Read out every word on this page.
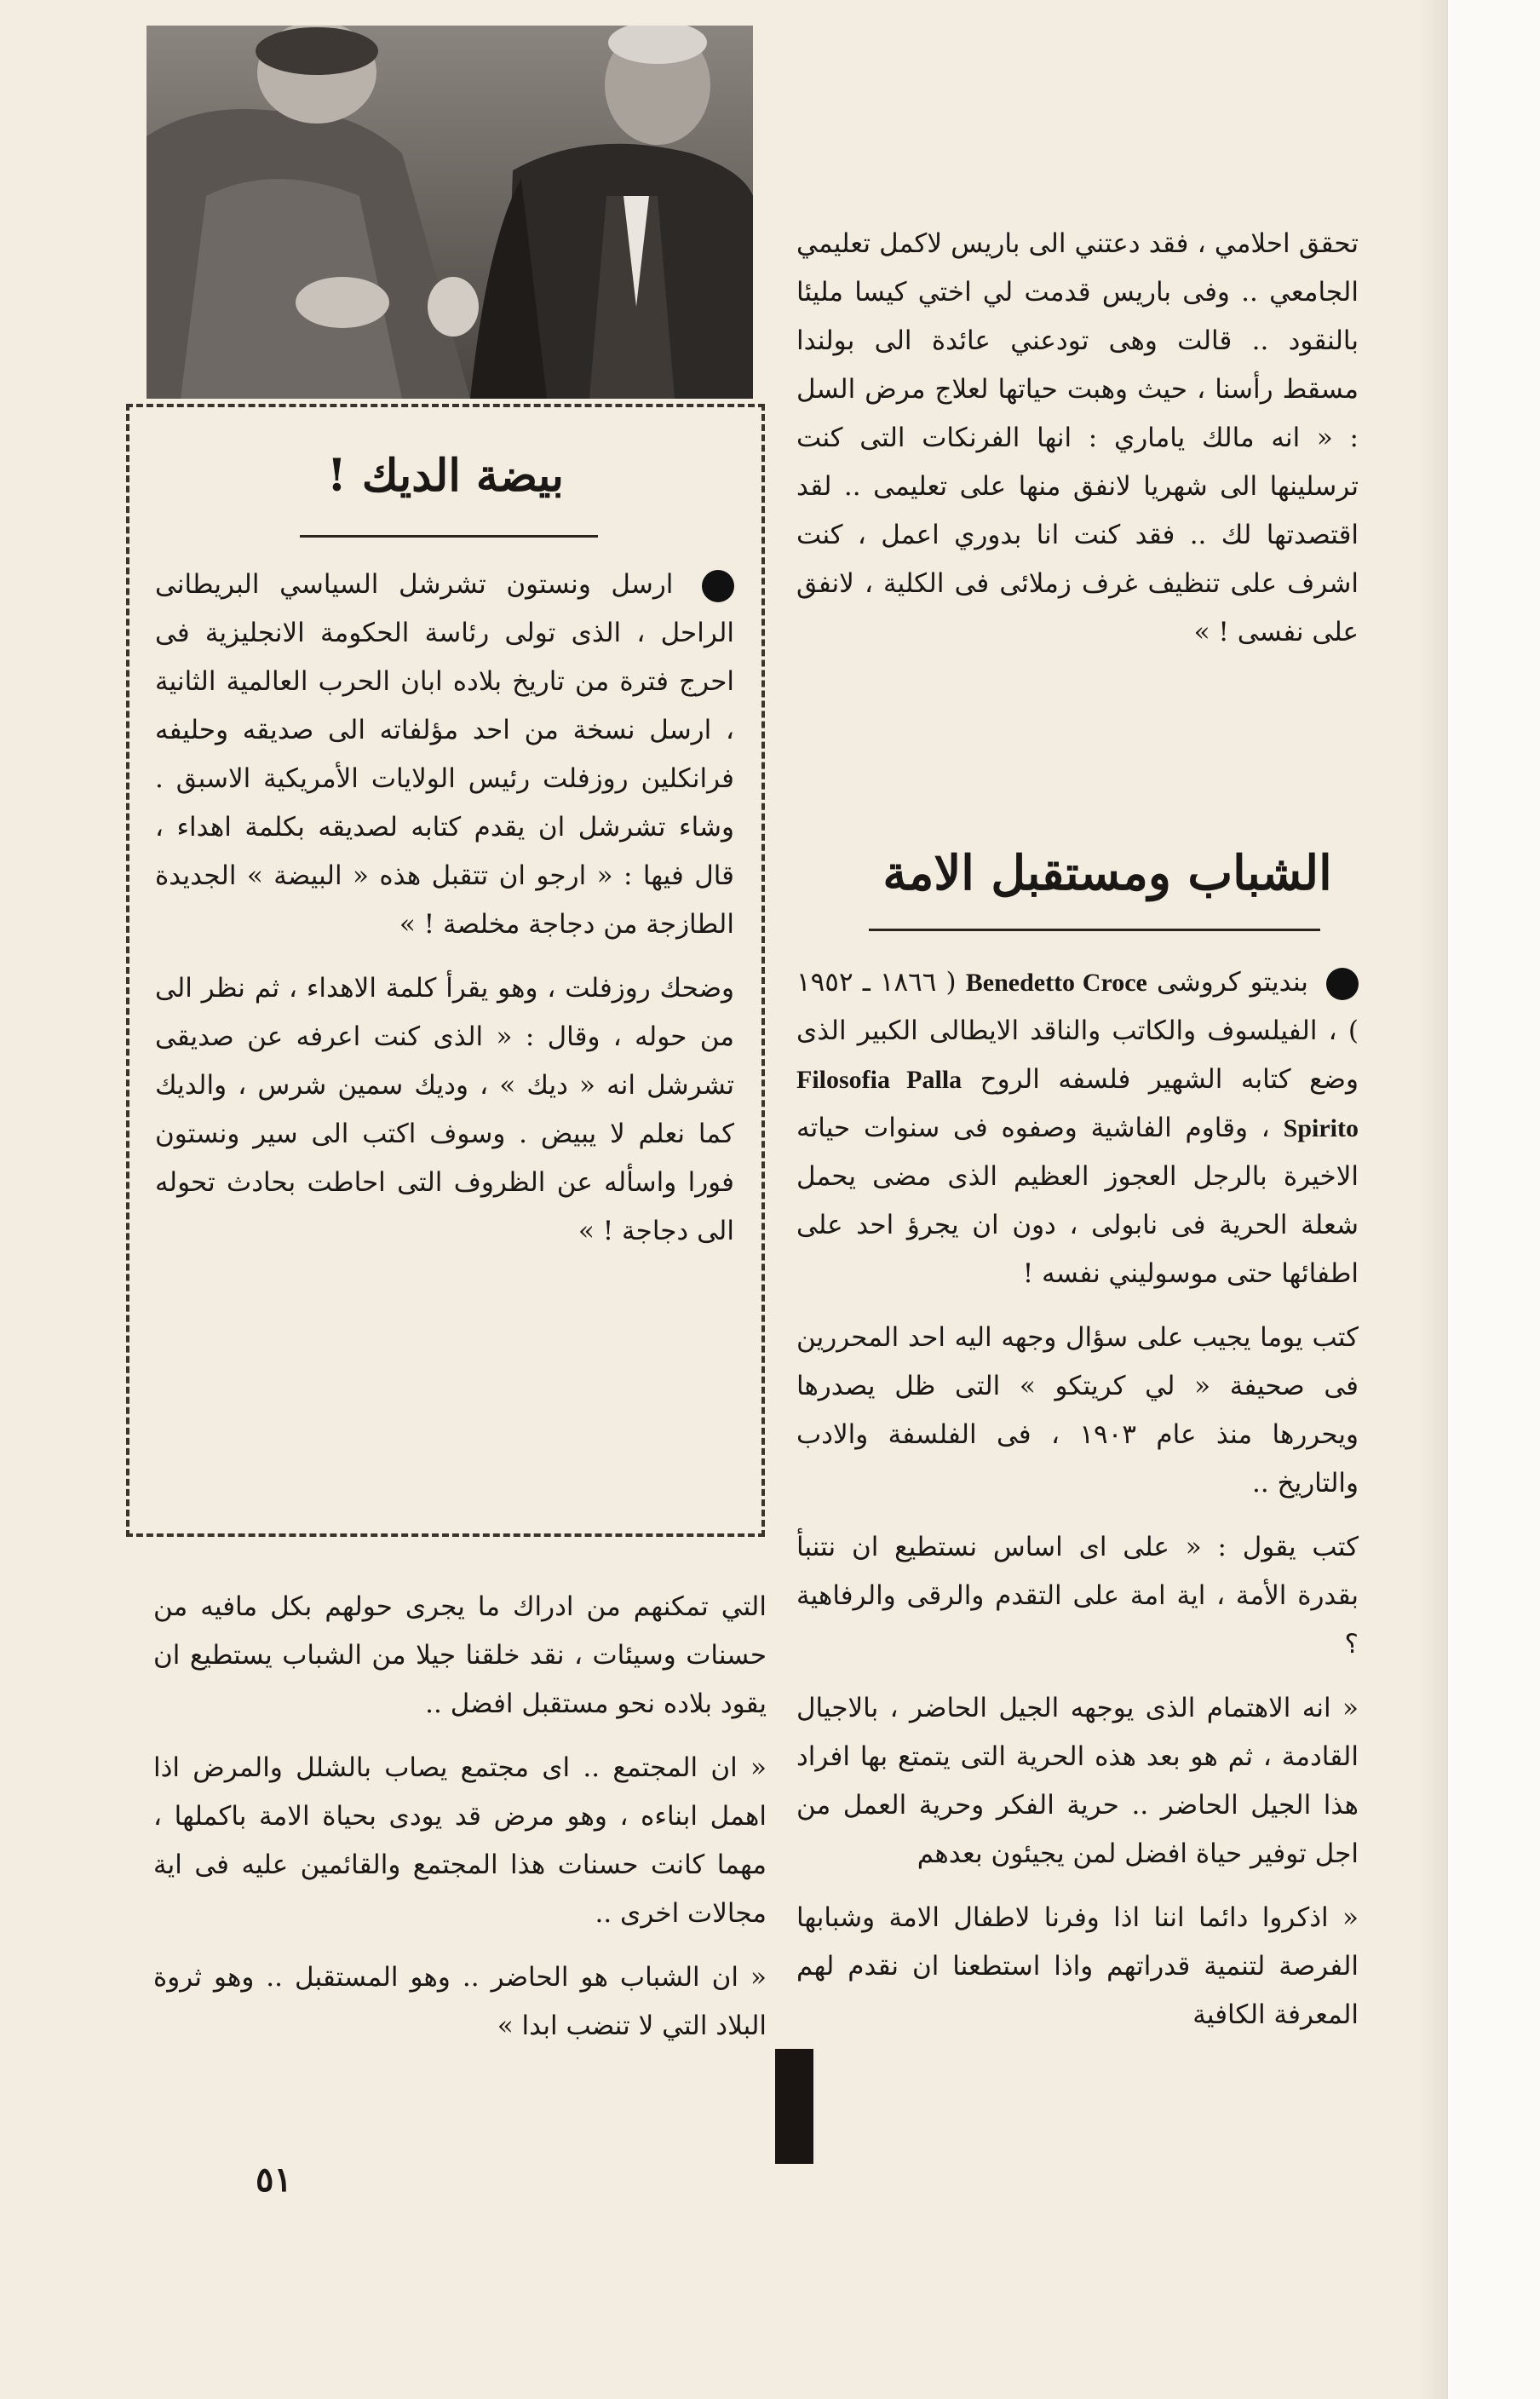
تحقق احلامي ، فقد دعتني الى باريس لاكمل تعليمي الجامعي .. وفى باريس قدمت لي اختي كيسا مليئا بالنقود .. قالت وهى تودعني عائدة الى بولندا مسقط رأسنا ، حيث وهبت حياتها لعلاج مرض السل : « انه مالك ياماري : انها الفرنكات التى كنت ترسلينها الى شهريا لانفق منها على تعليمى .. لقد اقتصدتها لك .. فقد كنت انا بدوري اعمل ، كنت اشرف على تنظيف غرف زملائى فى الكلية ، لانفق على نفسى ! »

الشباب ومستقبل الامة

بنديتو كروشى Benedetto Croce ( ١٨٦٦ ـ ١٩٥٢ ) ، الفيلسوف والكاتب والناقد الايطالى الكبير الذى وضع كتابه الشهير فلسفه الروح Filosofia Palla Spirito ، وقاوم الفاشية وصفوه فى سنوات حياته الاخيرة بالرجل العجوز العظيم الذى مضى يحمل شعلة الحرية فى نابولى ، دون ان يجرؤ احد على اطفائها حتى موسوليني نفسه !

كتب يوما يجيب على سؤال وجهه اليه احد المحررين فى صحيفة « لي كريتكو » التى ظل يصدرها ويحررها منذ عام ١٩٠٣ ، فى الفلسفة والادب والتاريخ ..

كتب يقول : « على اى اساس نستطيع ان نتنبأ بقدرة الأمة ، اية امة على التقدم والرقى والرفاهية ؟

« انه الاهتمام الذى يوجهه الجيل الحاضر ، بالاجيال القادمة ، ثم هو بعد هذه الحرية التى يتمتع بها افراد هذا الجيل الحاضر .. حرية الفكر وحرية العمل من اجل توفير حياة افضل لمن يجيئون بعدهم

« اذكروا دائما اننا اذا وفرنا لاطفال الامة وشبابها الفرصة لتنمية قدراتهم واذا استطعنا ان نقدم لهم المعرفة الكافية

بيضة الديك !

ارسل ونستون تشرشل السياسي البريطانى الراحل ، الذى تولى رئاسة الحكومة الانجليزية فى احرج فترة من تاريخ بلاده ابان الحرب العالمية الثانية ، ارسل نسخة من احد مؤلفاته الى صديقه وحليفه فرانكلين روزفلت رئيس الولايات الأمريكية الاسبق . وشاء تشرشل ان يقدم كتابه لصديقه بكلمة اهداء ، قال فيها : « ارجو ان تتقبل هذه « البيضة » الجديدة الطازجة من دجاجة مخلصة ! »

وضحك روزفلت ، وهو يقرأ كلمة الاهداء ، ثم نظر الى من حوله ، وقال : « الذى كنت اعرفه عن صديقى تشرشل انه « ديك » ، وديك سمين شرس ، والديك كما نعلم لا يبيض . وسوف اكتب الى سير ونستون فورا واسأله عن الظروف التى احاطت بحادث تحوله الى دجاجة ! »

التي تمكنهم من ادراك ما يجرى حولهم بكل مافيه من حسنات وسيئات ، نقد خلقنا جيلا من الشباب يستطيع ان يقود بلاده نحو مستقبل افضل ..

« ان المجتمع .. اى مجتمع يصاب بالشلل والمرض اذا اهمل ابناءه ، وهو مرض قد يودى بحياة الامة باكملها ، مهما كانت حسنات هذا المجتمع والقائمين عليه فى اية مجالات اخرى ..

« ان الشباب هو الحاضر .. وهو المستقبل .. وهو ثروة البلاد التي لا تنضب ابدا »

٥١
